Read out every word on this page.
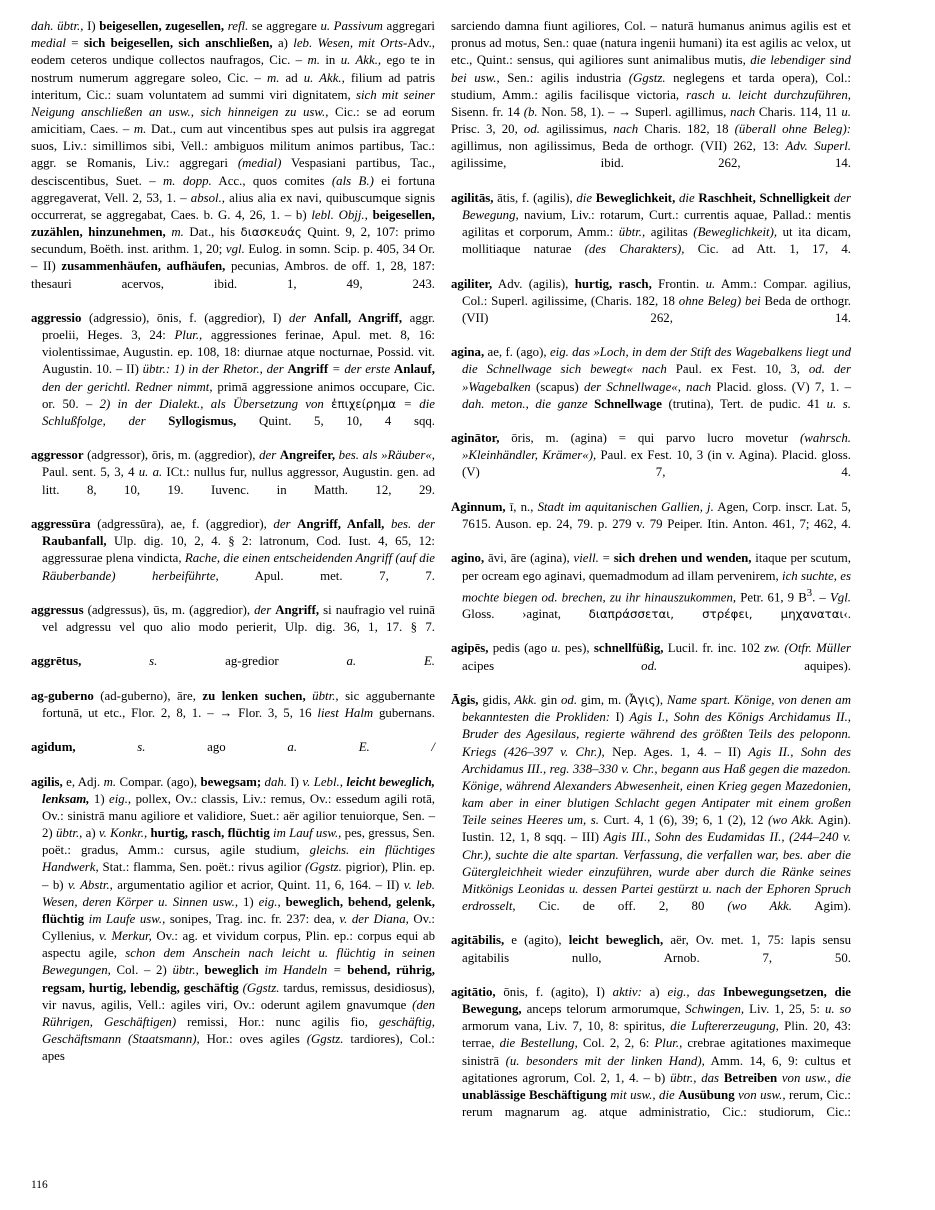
dah. übtr., I) beigesellen, zugesellen, refl. se aggregare u. Passivum aggregari medial = sich beigesellen, sich anschließen, a) leb. Wesen, mit Orts-Adv., eodem ceteros undique collectos naufragos, Cic. – m. in u. Akk., ego te in nostrum numerum aggregare soleo, Cic. – m. ad u. Akk., filium ad patris interitum, Cic.: suam voluntatem ad summi viri dignitatem, sich mit seiner Neigung anschließen an usw., sich hinneigen zu usw., Cic.: se ad eorum amicitiam, Caes. – m. Dat., cum aut vincentibus spes aut pulsis ira aggregat suos, Liv.: simillimos sibi, Vell.: ambiguos militum animos partibus, Tac.: aggr. se Romanis, Liv.: aggregari (medial) Vespasiani partibus, Tac., desciscentibus, Suet. – m. dopp. Acc., quos comites (als B.) ei fortuna aggregaverat, Vell. 2, 53, 1. – absol., alius alia ex navi, quibuscumque signis occurrerat, se aggregabat, Caes. b. G. 4, 26, 1. – b) lebl. Objj., beigesellen, zuzählen, hinzunehmen, m. Dat., his διασκευάς Quint. 9, 2, 107: primo secundum, Boëth. inst. arithm. 1, 20; vgl. Eulog. in somn. Scip. p. 405, 34 Or. – II) zusammenhäufen, aufhäufen, pecunias, Ambros. de off. 1, 28, 187: thesauri acervos, ibid. 1, 49, 243.

aggressio (adgressio), ōnis, f. (aggredior), I) der Anfall, Angriff, aggr. proelii, Heges. 3, 24: Plur., aggressiones ferinae, Apul. met. 8, 16: violentissimae, Augustin. ep. 108, 18: diurnae atque nocturnae, Possid. vit. Augustin. 10. – II) übtr.: 1) in der Rhetor., der Angriff = der erste Anlauf, den der gerichtl. Redner nimmt, primā aggressione animos occupare, Cic. or. 50. – 2) in der Dialekt., als Übersetzung von ἐπιχείρημα = die Schlußfolge, der Syllogismus, Quint. 5, 10, 4 sqq.

aggressor (adgressor), ōris, m. (aggredior), der Angreifer, bes. als »Räuber«, Paul. sent. 5, 3, 4 u. a. ICt.: nullus fur, nullus aggressor, Augustin. gen. ad litt. 8, 10, 19. Iuvenc. in Matth. 12, 29.

aggressūra (adgressūra), ae, f. (aggredior), der Angriff, Anfall, bes. der Raubanfall, Ulp. dig. 10, 2, 4. § 2: latronum, Cod. Iust. 4, 65, 12: aggressurae plena vindicta, Rache, die einen entscheidenden Angriff (auf die Räuberbande) herbeiführte, Apul. met. 7, 7.

aggressus (adgressus), ūs, m. (aggredior), der Angriff, si naufragio vel ruinā vel adgressu vel quo alio modo perierit, Ulp. dig. 36, 1, 17. § 7.

aggrētus,	s. ag-gredior a. E.

ag-guberno (ad-guberno), āre, zu lenken suchen, übtr., sic aggubernante fortunā, ut etc., Flor. 2, 8, 1. – → Flor. 3, 5, 16 liest Halm gubernans.

agidum,	s. ago a. E. /

agilis, e, Adj. m. Compar. (ago), bewegsam; dah. I) v. Lebl., leicht beweglich, lenksam, 1) eig., pollex, Ov.: classis, Liv.: remus, Ov.: essedum agili rotā, Ov.: sinistrā manu agiliore et validiore, Suet.: aër agilior tenuiorque, Sen. – 2) übtr., a) v. Konkr., hurtig, rasch, flüchtig im Lauf usw., pes, gressus, Sen. poët.: gradus, Amm.: cursus, agile studium, gleichs. ein flüchtiges Handwerk, Stat.: flamma, Sen. poët.: rivus agilior (Ggstz. pigrior), Plin. ep. – b) v. Abstr., argumentatio agilior et acrior, Quint. 11, 6, 164. – II) v. leb. Wesen, deren Körper u. Sinnen usw., 1) eig., beweglich, behend, gelenk, flüchtig im Laufe usw., sonipes, Trag. inc. fr. 237: dea, v. der Diana, Ov.: Cyllenius, v. Merkur, Ov.: ag. et vividum corpus, Plin. ep.: corpus equi ab aspectu agile, schon dem Anschein nach leicht u. flüchtig in seinen Bewegungen, Col. – 2) übtr., beweglich im Handeln = behend, rührig, regsam, hurtig, lebendig, geschäftig (Ggstz. tardus, remissus, desidiosus), vir navus, agilis, Vell.: agiles viri, Ov.: oderunt agilem gnavumque (den Rührigen, Geschäftigen) remissi, Hor.: nunc agilis fio, geschäftig, Geschäftsmann (Staatsmann), Hor.: oves agiles (Ggstz. tardiores), Col.: apes

sarciendo damna fiunt agiliores, Col. – naturā humanus animus agilis est et pronus ad motus, Sen.: quae (natura ingenii humani) ita est agilis ac velox, ut etc., Quint.: sensus, qui agiliores sunt animalibus mutis, die lebendiger sind bei usw., Sen.: agilis industria (Ggstz. neglegens et tarda opera), Col.: studium, Amm.: agilis facilisque victoria, rasch u. leicht durchzuführen, Sisenn. fr. 14 (b. Non. 58, 1). – → Superl. agillimus, nach Charis. 114, 11 u. Prisc. 3, 20, od. agilissimus, nach Charis. 182, 18 (überall ohne Beleg): agillimus, non agilissimus, Beda de orthogr. (VII) 262, 13: Adv. Superl. agilissime, ibid. 262, 14.

agilitās, ātis, f. (agilis), die Beweglichkeit, die Raschheit, Schnelligkeit der Bewegung, navium, Liv.: rotarum, Curt.: currentis aquae, Pallad.: mentis agilitas et corporum, Amm.: übtr., agilitas (Beweglichkeit), ut ita dicam, mollitiaque naturae (des Charakters), Cic. ad Att. 1, 17, 4.

agiliter, Adv. (agilis), hurtig, rasch, Frontin. u. Amm.: Compar. agilius, Col.: Superl. agilissime, (Charis. 182, 18 ohne Beleg) bei Beda de orthogr. (VII) 262, 14.

agina, ae, f. (ago), eig. das »Loch, in dem der Stift des Wagebalkens liegt und die Schnellwage sich bewegt« nach Paul. ex Fest. 10, 3, od. der »Wagebalken (scapus) der Schnellwage«, nach Placid. gloss. (V) 7, 1. – dah. meton., die ganze Schnellwage (trutina), Tert. de pudic. 41 u. s.

aginātor, ōris, m. (agina) = qui parvo lucro movetur (wahrsch. »Kleinhändler, Krämer«), Paul. ex Fest. 10, 3 (in v. Agina). Placid. gloss. (V) 7, 4.

Aginnum, ī, n., Stadt im aquitanischen Gallien, j. Agen, Corp. inscr. Lat. 5, 7615. Auson. ep. 24, 79. p. 279 v. 79 Peiper. Itin. Anton. 461, 7; 462, 4.

agino, āvi, āre (agina), viell. = sich drehen und wenden, itaque per scutum, per ocream ego aginavi, quemadmodum ad illam pervenirem, ich suchte, es mochte biegen od. brechen, zu ihr hinauszukommen, Petr. 61, 9 $B^3$. – Vgl. Gloss. ›aginat, διαπράσσεται, στρέφει, μηχαναται‹.

agipēs, pedis (ago u. pes), schnellfüßig, Lucil. fr. inc. 102 zw. (Otfr. Müller acipes od. aquipes).

Āgis, gidis, Akk. gin od. gim, m. (Ἆγις), Name spart. Könige, von denen am bekanntesten die Prokliden: I) Agis I., Sohn des Königs Archidamus II., Bruder des Agesilaus, regierte während des größten Teils des peloponn. Kriegs (426–397 v. Chr.), Nep. Ages. 1, 4. – II) Agis II., Sohn des Archidamus III., reg. 338–330 v. Chr., begann aus Haß gegen die mazedon. Könige, während Alexanders Abwesenheit, einen Krieg gegen Mazedonien, kam aber in einer blutigen Schlacht gegen Antipater mit einem großen Teile seines Heeres um, s. Curt. 4, 1 (6), 39; 6, 1 (2), 12 (wo Akk. Agin). Iustin. 12, 1, 8 sqq. – III) Agis III., Sohn des Eudamidas II., (244–240 v. Chr.), suchte die alte spartan. Verfassung, die verfallen war, bes. aber die Gütergleichheit wieder einzuführen, wurde aber durch die Ränke seines Mitkönigs Leonidas u. dessen Partei gestürzt u. nach der Ephoren Spruch erdrosselt, Cic. de off. 2, 80 (wo Akk. Agim).

agitābilis, e (agito), leicht beweglich, aër, Ov. met. 1, 75: lapis sensu agitabilis nullo, Arnob. 7, 50.

agitātio, ōnis, f. (agito), I) aktiv: a) eig., das Inbewegungsetzen, die Bewegung, anceps telorum armorumque, Schwingen, Liv. 1, 25, 5: u. so armorum vana, Liv. 7, 10, 8: spiritus, die Luftererzeugung, Plin. 20, 43: terrae, die Bestellung, Col. 2, 2, 6: Plur., crebrae agitationes maximeque sinistrā (u. besonders mit der linken Hand), Amm. 14, 6, 9: cultus et agitationes agrorum, Col. 2, 1, 4. – b) übtr., das Betreiben von usw., die unablässige Beschäftigung mit usw., die Ausübung von usw., rerum, Cic.: rerum magnarum ag. atque administratio, Cic.: studiorum, Cic.:

116
